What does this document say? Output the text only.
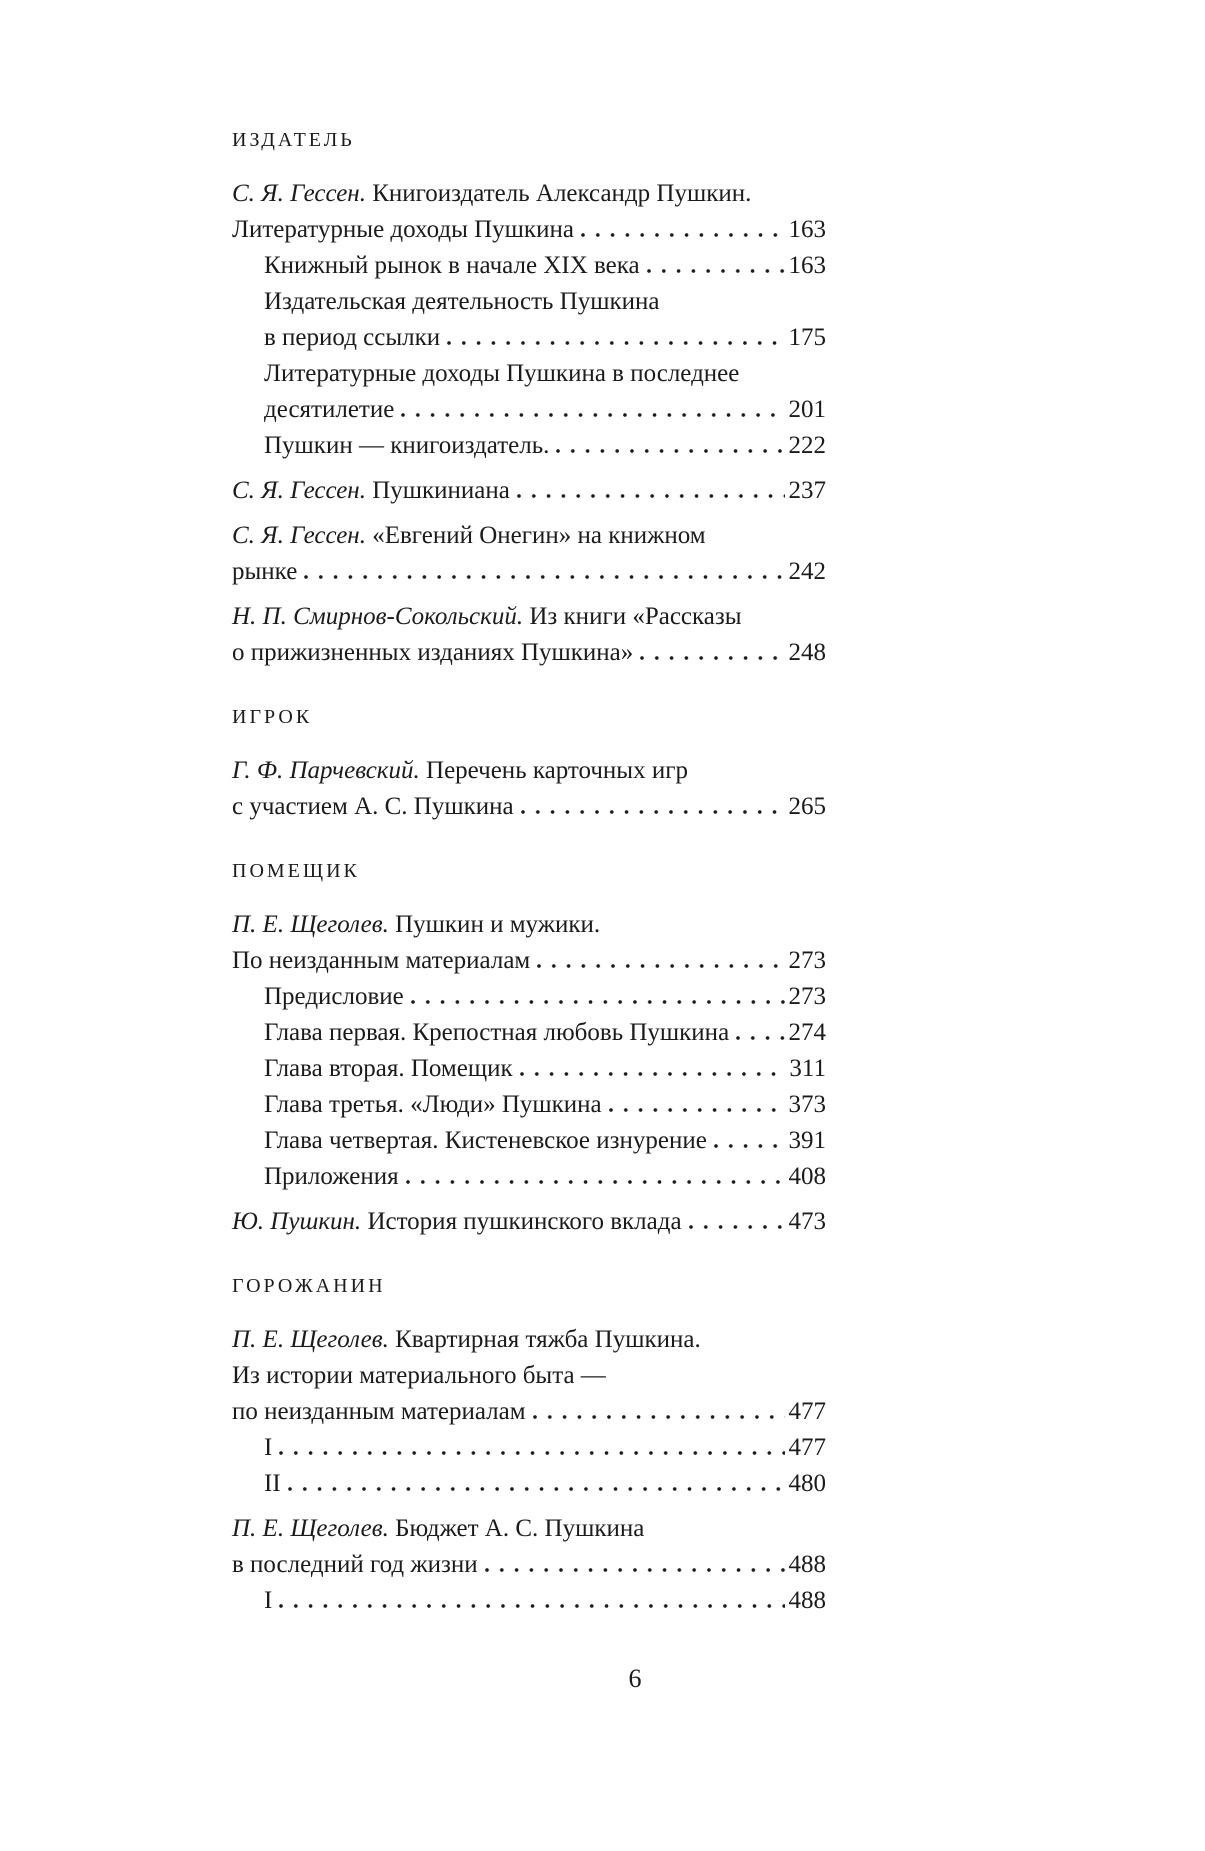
ИЗДАТЕЛЬ
С. Я. Гессен. Книгоиздатель Александр Пушкин.
Литературные доходы Пушкина	163
Книжный рынок в начале XIX века	163
Издательская деятельность Пушкина
в период ссылки	175
Литературные доходы Пушкина в последнее
десятилетие	201
Пушкин — книгоиздатель.	222
С. Я. Гессен. Пушкиниана	237
С. Я. Гессен. «Евгений Онегин» на книжном
рынке	242
Н. П. Смирнов-Сокольский. Из книги «Рассказы
о прижизненных изданиях Пушкина»	248
ИГРОК
Г. Ф. Парчевский. Перечень карточных игр
с участием А. С. Пушкина	265
ПОМЕЩИК
П. Е. Щеголев. Пушкин и мужики.
По неизданным материалам	273
Предисловие	273
Глава первая. Крепостная любовь Пушкина 274
Глава вторая. Помещик	311
Глава третья. «Люди» Пушкина	373
Глава четвертая. Кистеневское изнурение	391
Приложения	408
Ю. Пушкин. История пушкинского вклада	473
ГОРОЖАНИН
П. Е. Щеголев. Квартирная тяжба Пушкина.
Из истории материального быта —
по неизданным материалам	477
I	477
II	480
П. Е. Щеголев. Бюджет А. С. Пушкина
в последний год жизни	488
I	488
6
